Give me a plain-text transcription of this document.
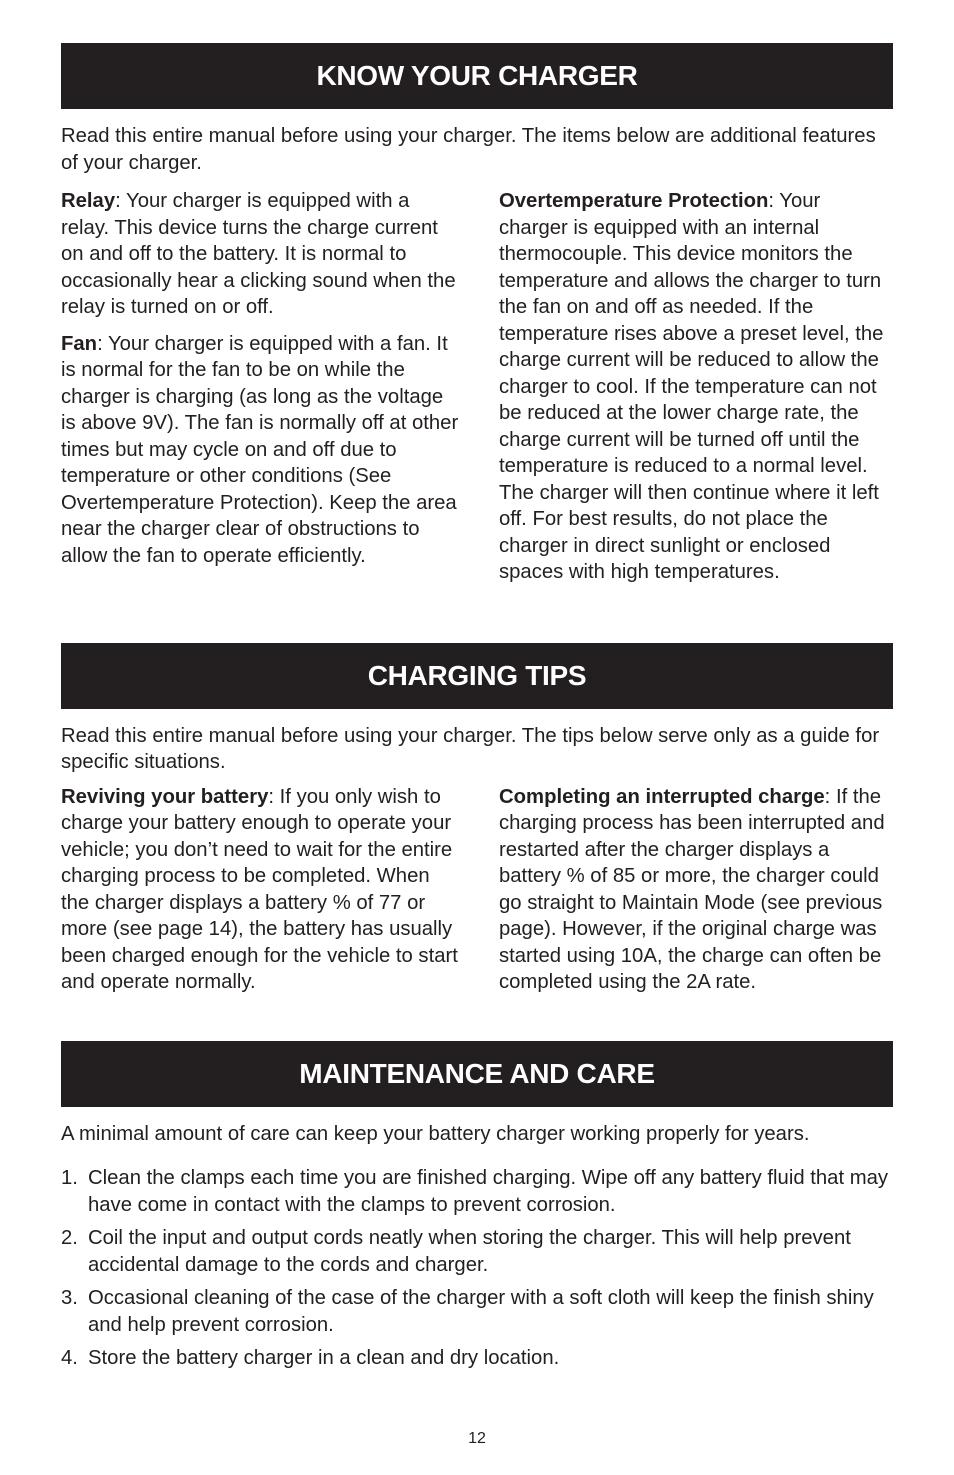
KNOW YOUR CHARGER

Read this entire manual before using your charger. The items below are additional features of your charger.

Relay: Your charger is equipped with a relay. This device turns the charge current on and off to the battery. It is normal to occasionally hear a clicking sound when the relay is turned on or off.

Fan: Your charger is equipped with a fan. It is normal for the fan to be on while the charger is charging (as long as the voltage is above 9V). The fan is normally off at other times but may cycle on and off due to temperature or other conditions (See Overtemperature Protection). Keep the area near the charger clear of obstructions to allow the fan to operate efficiently.

Overtemperature Protection: Your charger is equipped with an internal thermocouple. This device monitors the temperature and allows the charger to turn the fan on and off as needed. If the temperature rises above a preset level, the charge current will be reduced to allow the charger to cool. If the temperature can not be reduced at the lower charge rate, the charge current will be turned off until the temperature is reduced to a normal level. The charger will then continue where it left off. For best results, do not place the charger in direct sunlight or enclosed spaces with high temperatures.

CHARGING TIPS

Read this entire manual before using your charger. The tips below serve only as a guide for specific situations.

Reviving your battery: If you only wish to charge your battery enough to operate your vehicle; you don’t need to wait for the entire charging process to be completed. When the charger displays a battery % of 77 or more (see page 14), the battery has usually been charged enough for the vehicle to start and operate normally.

Completing an interrupted charge: If the charging process has been interrupted and restarted after the charger displays a battery % of 85 or more, the charger could go straight to Maintain Mode (see previous page). However, if the original charge was started using 10A, the charge can often be completed using the 2A rate.

MAINTENANCE AND CARE

A minimal amount of care can keep your battery charger working properly for years.

1. Clean the clamps each time you are finished charging. Wipe off any battery fluid that may have come in contact with the clamps to prevent corrosion.
2. Coil the input and output cords neatly when storing the charger. This will help prevent accidental damage to the cords and charger.
3. Occasional cleaning of the case of the charger with a soft cloth will keep the finish shiny and help prevent corrosion.
4. Store the battery charger in a clean and dry location.
12
